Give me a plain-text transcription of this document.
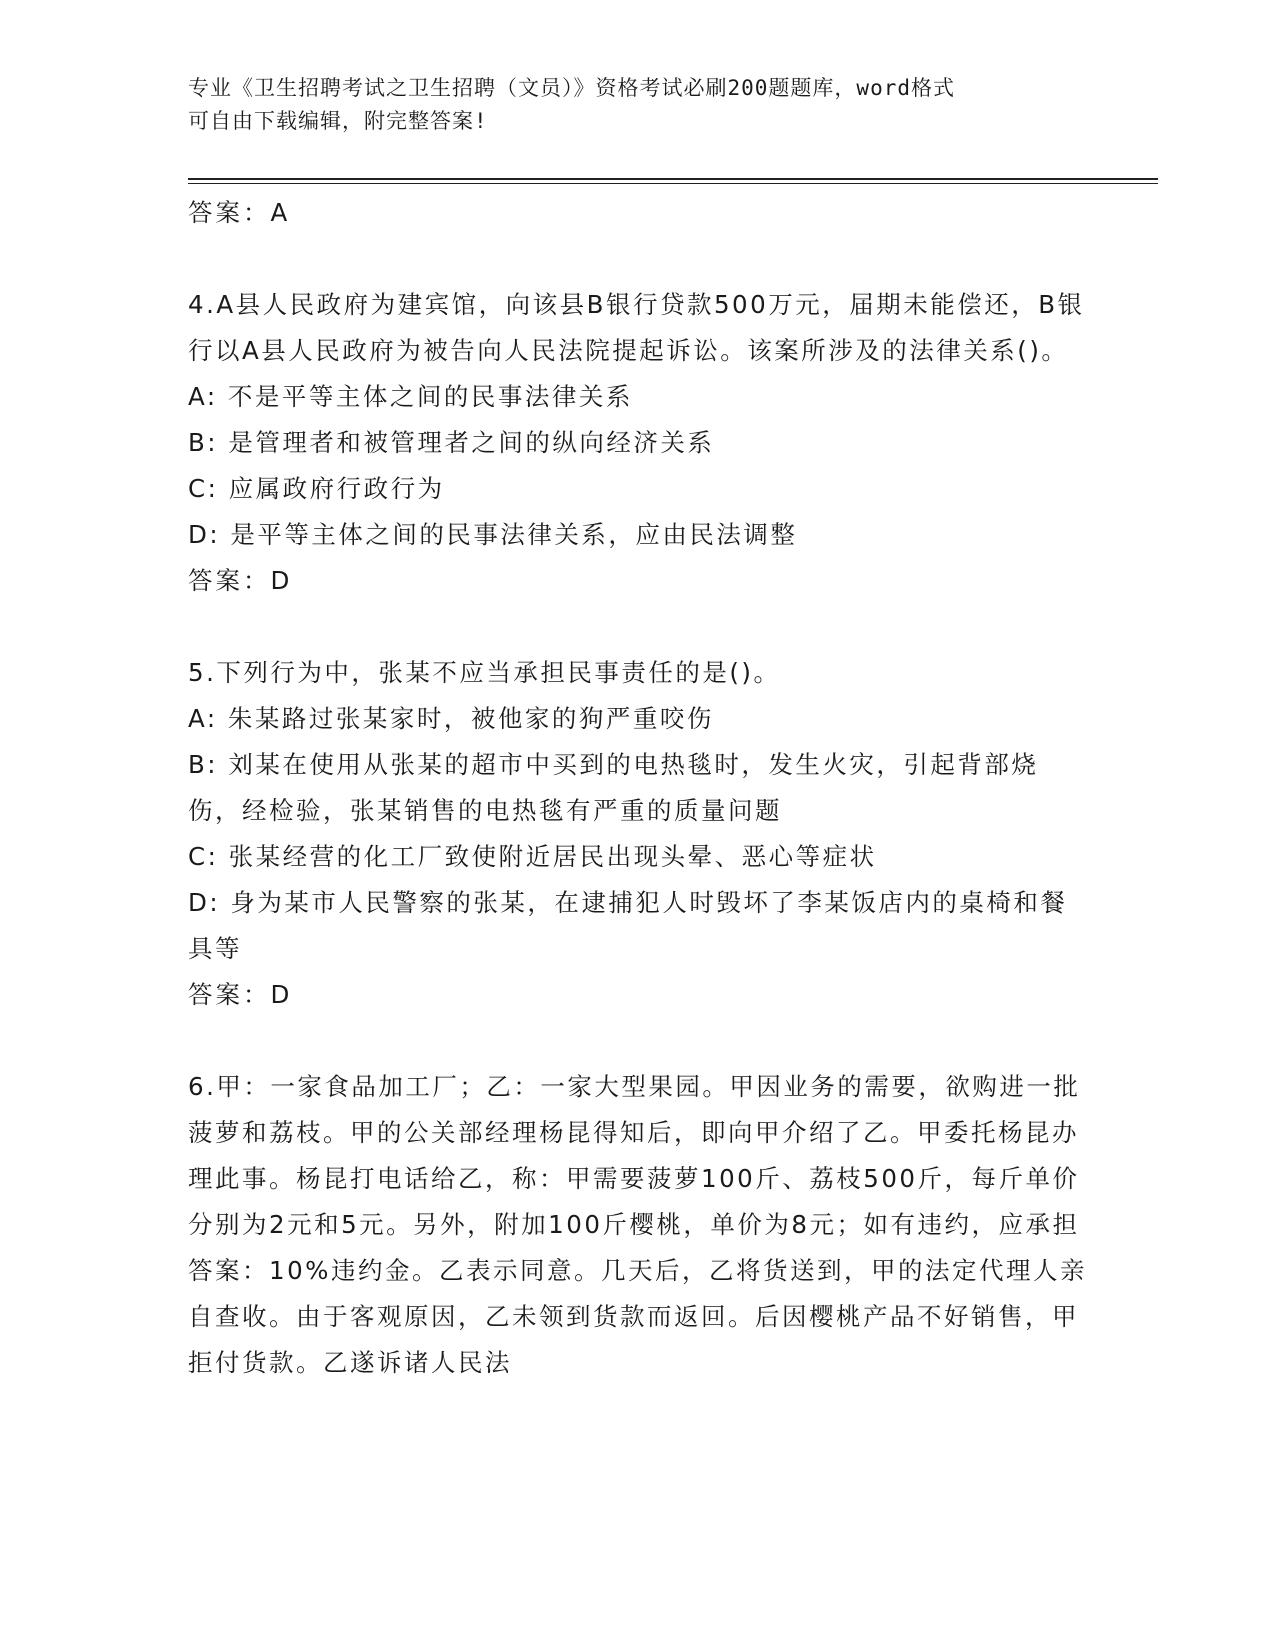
专业《卫生招聘考试之卫生招聘（文员）》资格考试必刷200题题库，word格式

可自由下载编辑，附完整答案!

答案：A

4.A县人民政府为建宾馆，向该县B银行贷款500万元，届期未能偿还，B银行以A县人民政府为被告向人民法院提起诉讼。该案所涉及的法律关系()。

A: 不是平等主体之间的民事法律关系

B: 是管理者和被管理者之间的纵向经济关系

C: 应属政府行政行为

D: 是平等主体之间的民事法律关系，应由民法调整

答案：D

5.下列行为中，张某不应当承担民事责任的是()。

A: 朱某路过张某家时，被他家的狗严重咬伤

B: 刘某在使用从张某的超市中买到的电热毯时，发生火灾，引起背部烧伤，经检验，张某销售的电热毯有严重的质量问题

C: 张某经营的化工厂致使附近居民出现头晕、恶心等症状

D: 身为某市人民警察的张某，在逮捕犯人时毁坏了李某饭店内的桌椅和餐具等

答案：D

6.甲：一家食品加工厂；乙：一家大型果园。甲因业务的需要，欲购进一批菠萝和荔枝。甲的公关部经理杨昆得知后，即向甲介绍了乙。甲委托杨昆办理此事。杨昆打电话给乙，称：甲需要菠萝100斤、荔枝500斤，每斤单价分别为2元和5元。另外，附加100斤樱桃，单价为8元；如有违约，应承担答案：10%违约金。乙表示同意。几天后，乙将货送到，甲的法定代理人亲自查收。由于客观原因，乙未领到货款而返回。后因樱桃产品不好销售，甲拒付货款。乙遂诉诸人民法
